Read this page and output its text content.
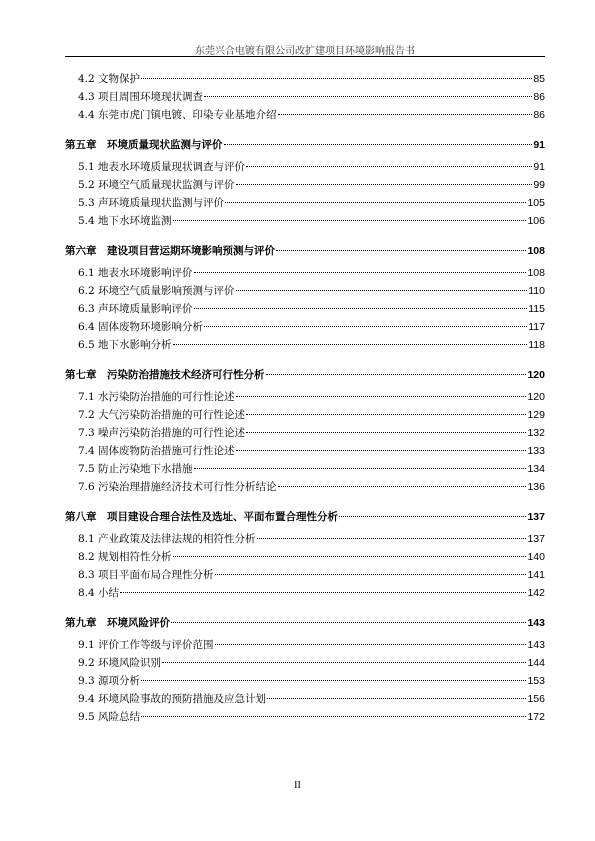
东莞兴合电镀有限公司改扩建项目环境影响报告书
4.2 文物保护	85
4.3 项目周围环境现状调查	86
4.4 东莞市虎门镇电镀、印染专业基地介绍	86
第五章　环境质量现状监测与评价	91
5.1 地表水环境质量现状调查与评价	91
5.2 环境空气质量现状监测与评价	99
5.3 声环境质量现状监测与评价	105
5.4 地下水环境监测	106
第六章　建设项目营运期环境影响预测与评价	108
6.1 地表水环境影响评价	108
6.2 环境空气质量影响预测与评价	110
6.3 声环境质量影响评价	115
6.4 固体废物环境影响分析	117
6.5 地下水影响分析	118
第七章　污染防治措施技术经济可行性分析	120
7.1 水污染防治措施的可行性论述	120
7.2 大气污染防治措施的可行性论述	129
7.3 噪声污染防治措施的可行性论述	132
7.4 固体废物防治措施可行性论述	133
7.5 防止污染地下水措施	134
7.6 污染治理措施经济技术可行性分析结论	136
第八章　项目建设合理合法性及选址、平面布置合理性分析	137
8.1 产业政策及法律法规的相符性分析	137
8.2 规划相符性分析	140
8.3 项目平面布局合理性分析	141
8.4 小结	142
第九章　环境风险评价	143
9.1 评价工作等级与评价范围	143
9.2 环境风险识别	144
9.3 源项分析	153
9.4 环境风险事故的预防措施及应急计划	156
9.5 风险总结	172
II
